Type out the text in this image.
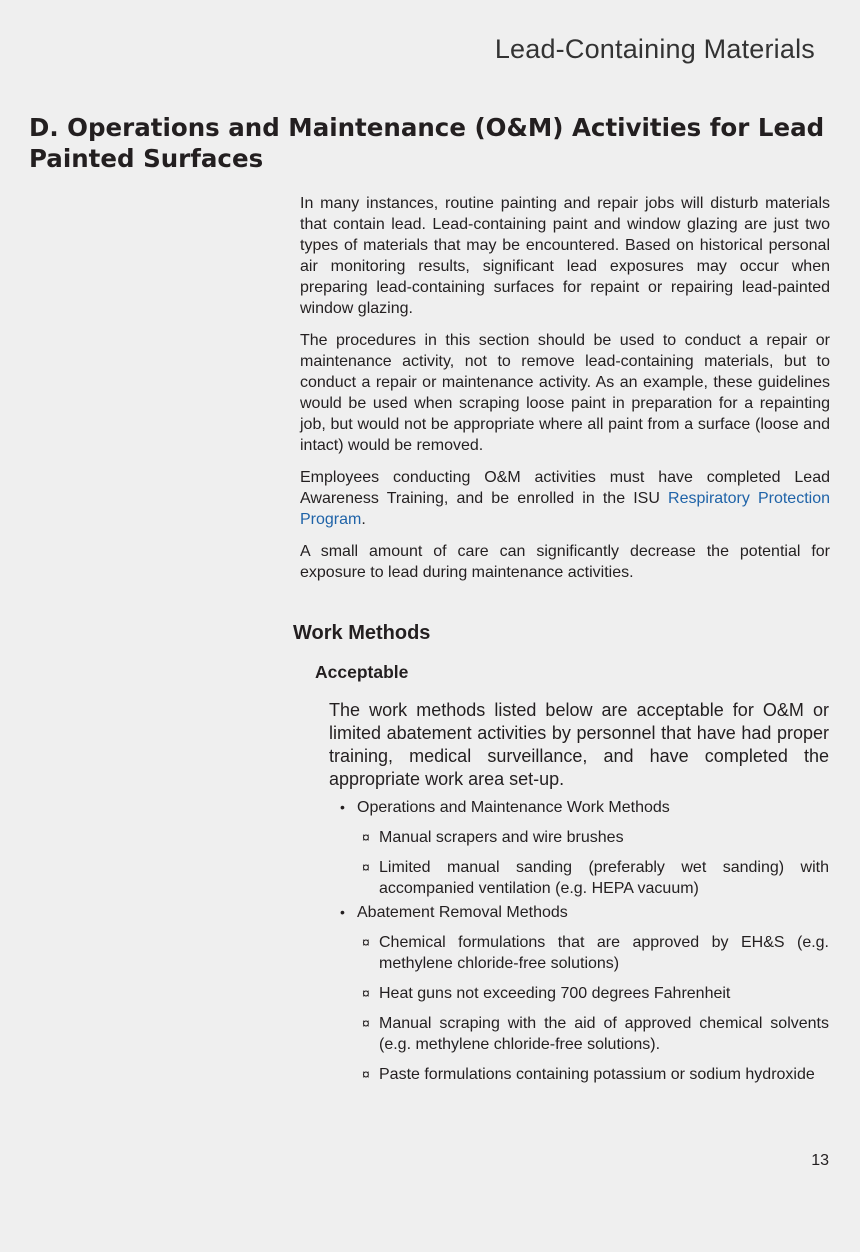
Lead-Containing Materials
D. Operations and Maintenance (O&M) Activities for Lead Painted Surfaces

In many instances, routine painting and repair jobs will disturb materials that contain lead. Lead-containing paint and window glazing are just two types of materials that may be encountered. Based on historical personal air monitoring results, significant lead exposures may occur when preparing lead-containing surfaces for repaint or repairing lead-painted window glazing.

The procedures in this section should be used to conduct a repair or maintenance activity, not to remove lead-containing materials, but to conduct a repair or maintenance activity. As an example, these guidelines would be used when scraping loose paint in preparation for a repainting job, but would not be appropriate where all paint from a surface (loose and intact) would be removed.

Employees conducting O&M activities must have completed Lead Awareness Training, and be enrolled in the ISU Respiratory Protection Program.

A small amount of care can significantly decrease the potential for exposure to lead during maintenance activities.

Work Methods
Acceptable

The work methods listed below are acceptable for O&M or limited abatement activities by personnel that have had proper training, medical surveillance, and have completed the appropriate work area set-up.

• Operations and Maintenance Work Methods
¤ Manual scrapers and wire brushes
¤ Limited manual sanding (preferably wet sanding) with accompanied ventilation (e.g. HEPA vacuum)
• Abatement Removal Methods
¤ Chemical formulations that are approved by EH&S (e.g. methylene chloride-free solutions)
¤ Heat guns not exceeding 700 degrees Fahrenheit
¤ Manual scraping with the aid of approved chemical solvents (e.g. methylene chloride-free solutions).
¤ Paste formulations containing potassium or sodium hydroxide
13
